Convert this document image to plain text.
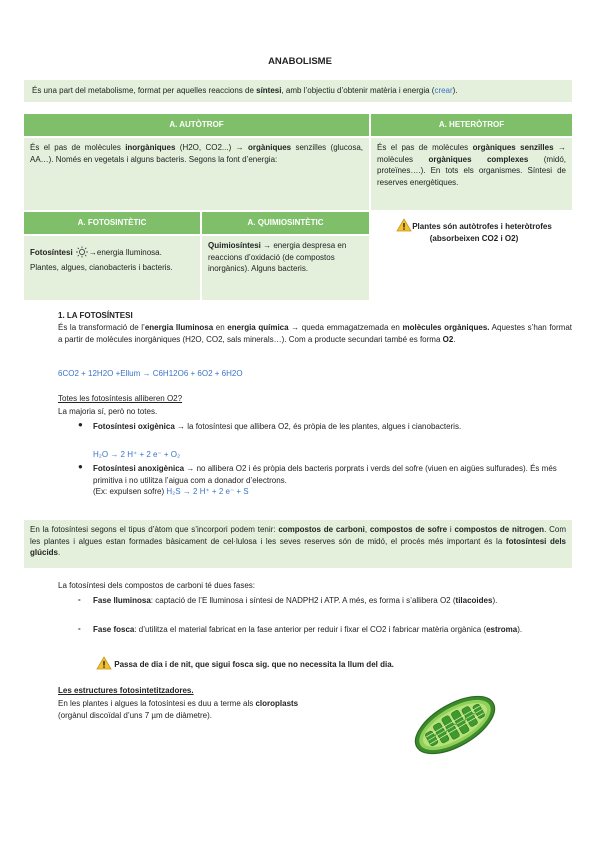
ANABOLISME
És una part del metabolisme, format per aquelles reaccions de síntesi, amb l’objectiu d’obtenir matèria i energia (crear).
A. AUTÒTROF	A. HETERÒTROF
És el pas de molècules inorgàniques (H2O, CO2...) → orgàniques senzilles (glucosa, AA…). Només en vegetals i alguns bacteris. Segons la font d’energia:
És el pas de molècules orgàniques senzilles → molècules orgàniques complexes (midó, proteïnes….). En tots els organismes. Síntesi de reserves energètiques.
A. FOTOSINTÈTIC	A. QUIMIOSINTÈTIC
Fotosíntesi →energia lluminosa.
Plantes, algues, cianobacteris i bacteris.
Quimiosíntesi → energia despresa en reaccions d’oxidació (de compostos inorgànics). Alguns bacteris.
Plantes són autòtrofes i heteròtrofes (absorbeixen CO2 i O2)
1. LA FOTOSÍNTESI
És la transformació de l’energia lluminosa en energia química → queda emmagatzemada en molècules orgàniques. Aquestes s’han format a partir de molècules inorgàniques (H2O, CO2, sals minerals…). Com a producte secundari també es forma O2.
6CO2 + 12H2O +Ellum → C6H12O6 + 6O2 + 6H2O
Totes les fotosíntesis alliberen O2?
La majoria sí, però no totes.
● Fotosíntesi oxigènica → la fotosíntesi que allibera O2, és pròpia de les plantes, algues i cianobacteris.
H₂O → 2 H⁺ + 2 e⁻ + O₂
● Fotosíntesi anoxigènica → no allibera O2 i és pròpia dels bacteris porprats i verds del sofre (viuen en aigües sulfurades). És més primitiva i no utilitza l’aigua com a donador d’electrons.
(Ex: expulsen sofre) H₂S → 2 H⁺ + 2 e⁻ + S
En la fotosíntesi segons el tipus d’àtom que s’incorpori podem tenir: compostos de carboni, compostos de sofre i compostos de nitrogen. Com les plantes i algues estan formades bàsicament de cel·lulosa i les seves reserves són de midó, el procés més important és la fotosíntesi dels glúcids.
La fotosíntesi dels compostos de carboni té dues fases:
- Fase lluminosa: captació de l’E lluminosa i síntesi de NADPH2 i ATP. A més, es forma i s’allibera O2 (tilacoides).
- Fase fosca: d’utilitza el material fabricat en la fase anterior per reduir i fixar el CO2 i fabricar matèria orgànica (estroma).
Passa de dia i de nit, que sigui fosca sig. que no necessita la llum del dia.
Les estructures fotosintetitzadores.
En les plantes i algues la fotosíntesi es duu a terme als cloroplasts
(orgànul discoïdal d’uns 7 µm de diàmetre).
